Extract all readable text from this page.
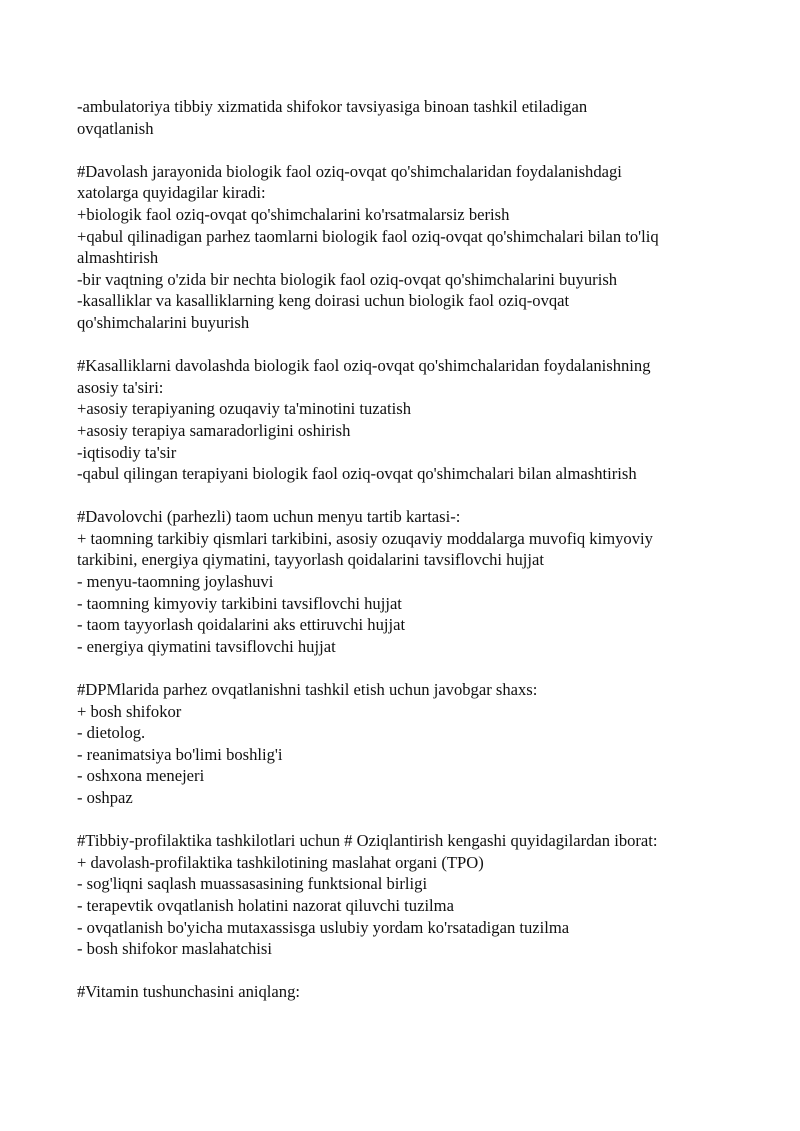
-ambulatoriya tibbiy xizmatida shifokor tavsiyasiga binoan tashkil etiladigan
ovqatlanish
#Davolash jarayonida biologik faol oziq-ovqat qo'shimchalaridan foydalanishdagi
xatolarga quyidagilar kiradi:
+biologik faol oziq-ovqat qo'shimchalarini ko'rsatmalarsiz berish
+qabul qilinadigan parhez taomlarni biologik faol oziq-ovqat qo'shimchalari bilan to'liq
almashtirish
-bir vaqtning o'zida bir nechta biologik faol oziq-ovqat qo'shimchalarini buyurish
-kasalliklar va kasalliklarning keng doirasi uchun biologik faol oziq-ovqat
qo'shimchalarini buyurish
#Kasalliklarni davolashda biologik faol oziq-ovqat qo'shimchalaridan foydalanishning
asosiy ta'siri:
+asosiy terapiyaning ozuqaviy ta'minotini tuzatish
+asosiy terapiya samaradorligini oshirish
-iqtisodiy ta'sir
-qabul qilingan terapiyani biologik faol oziq-ovqat qo'shimchalari bilan almashtirish
#Davolovchi (parhezli) taom uchun menyu tartib kartasi-:
+ taomning tarkibiy qismlari tarkibini, asosiy ozuqaviy moddalarga muvofiq kimyoviy
tarkibini, energiya qiymatini, tayyorlash qoidalarini tavsiflovchi hujjat
- menyu-taomning joylashuvi
- taomning kimyoviy tarkibini tavsiflovchi hujjat
- taom tayyorlash qoidalarini aks ettiruvchi hujjat
- energiya qiymatini tavsiflovchi hujjat
#DPMlarida parhez ovqatlanishni tashkil etish uchun javobgar shaxs:
+ bosh shifokor
- dietolog.
- reanimatsiya bo'limi boshlig'i
- oshxona menejeri
- oshpaz
#Tibbiy-profilaktika tashkilotlari uchun # Oziqlantirish kengashi quyidagilardan iborat:
+ davolash-profilaktika tashkilotining maslahat organi (TPO)
- sog'liqni saqlash muassasasining funktsional birligi
- terapevtik ovqatlanish holatini nazorat qiluvchi tuzilma
- ovqatlanish bo'yicha mutaxassisga uslubiy yordam ko'rsatadigan tuzilma
- bosh shifokor maslahatchisi
#Vitamin tushunchasini aniqlang:
